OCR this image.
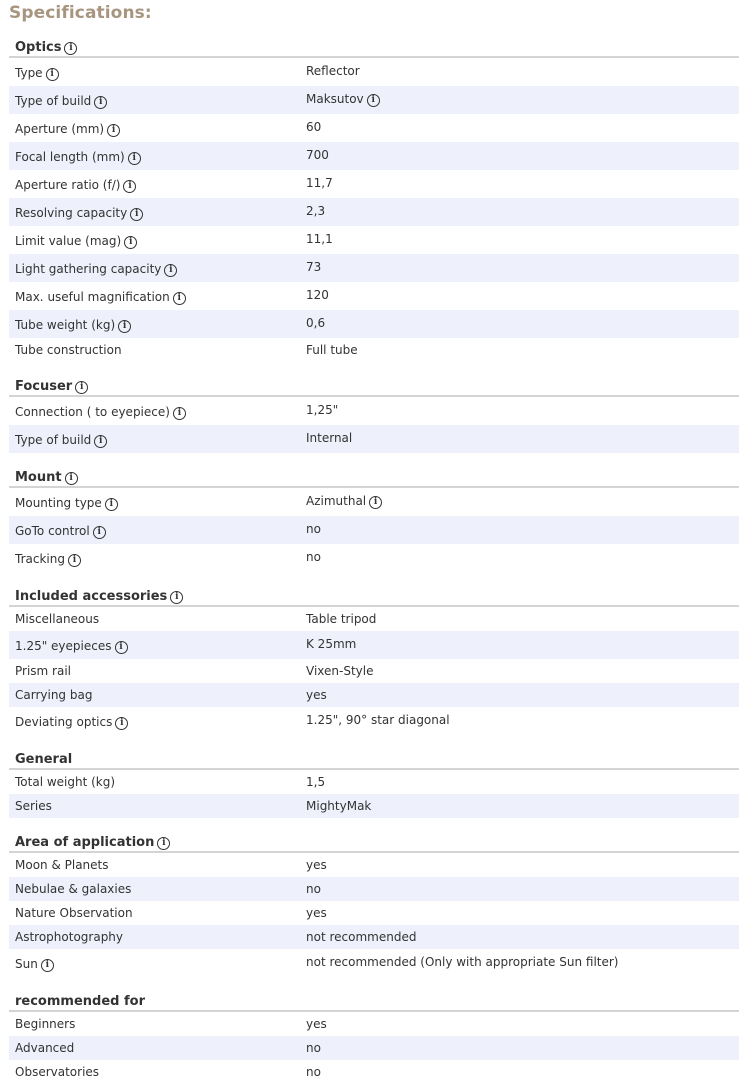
Specifications:
Optics i
Type i	Reflector
Type of build i	Maksutov i
Aperture (mm) i	60
Focal length (mm) i	700
Aperture ratio (f/) i	11,7
Resolving capacity i	2,3
Limit value (mag) i	11,1
Light gathering capacity i	73
Max. useful magnification i	120
Tube weight (kg) i	0,6
Tube construction	Full tube
Focuser i
Connection ( to eyepiece) i	1,25"
Type of build i	Internal
Mount i
Mounting type i	Azimuthal i
GoTo control i	no
Tracking i	no
Included accessories i
Miscellaneous	Table tripod
1.25" eyepieces i	K 25mm
Prism rail	Vixen-Style
Carrying bag	yes
Deviating optics i	1.25", 90° star diagonal
General
Total weight (kg)	1,5
Series	MightyMak
Area of application i
Moon & Planets	yes
Nebulae & galaxies	no
Nature Observation	yes
Astrophotography	not recommended
Sun i	not recommended (Only with appropriate Sun filter)
recommended for
Beginners	yes
Advanced	no
Observatories	no
